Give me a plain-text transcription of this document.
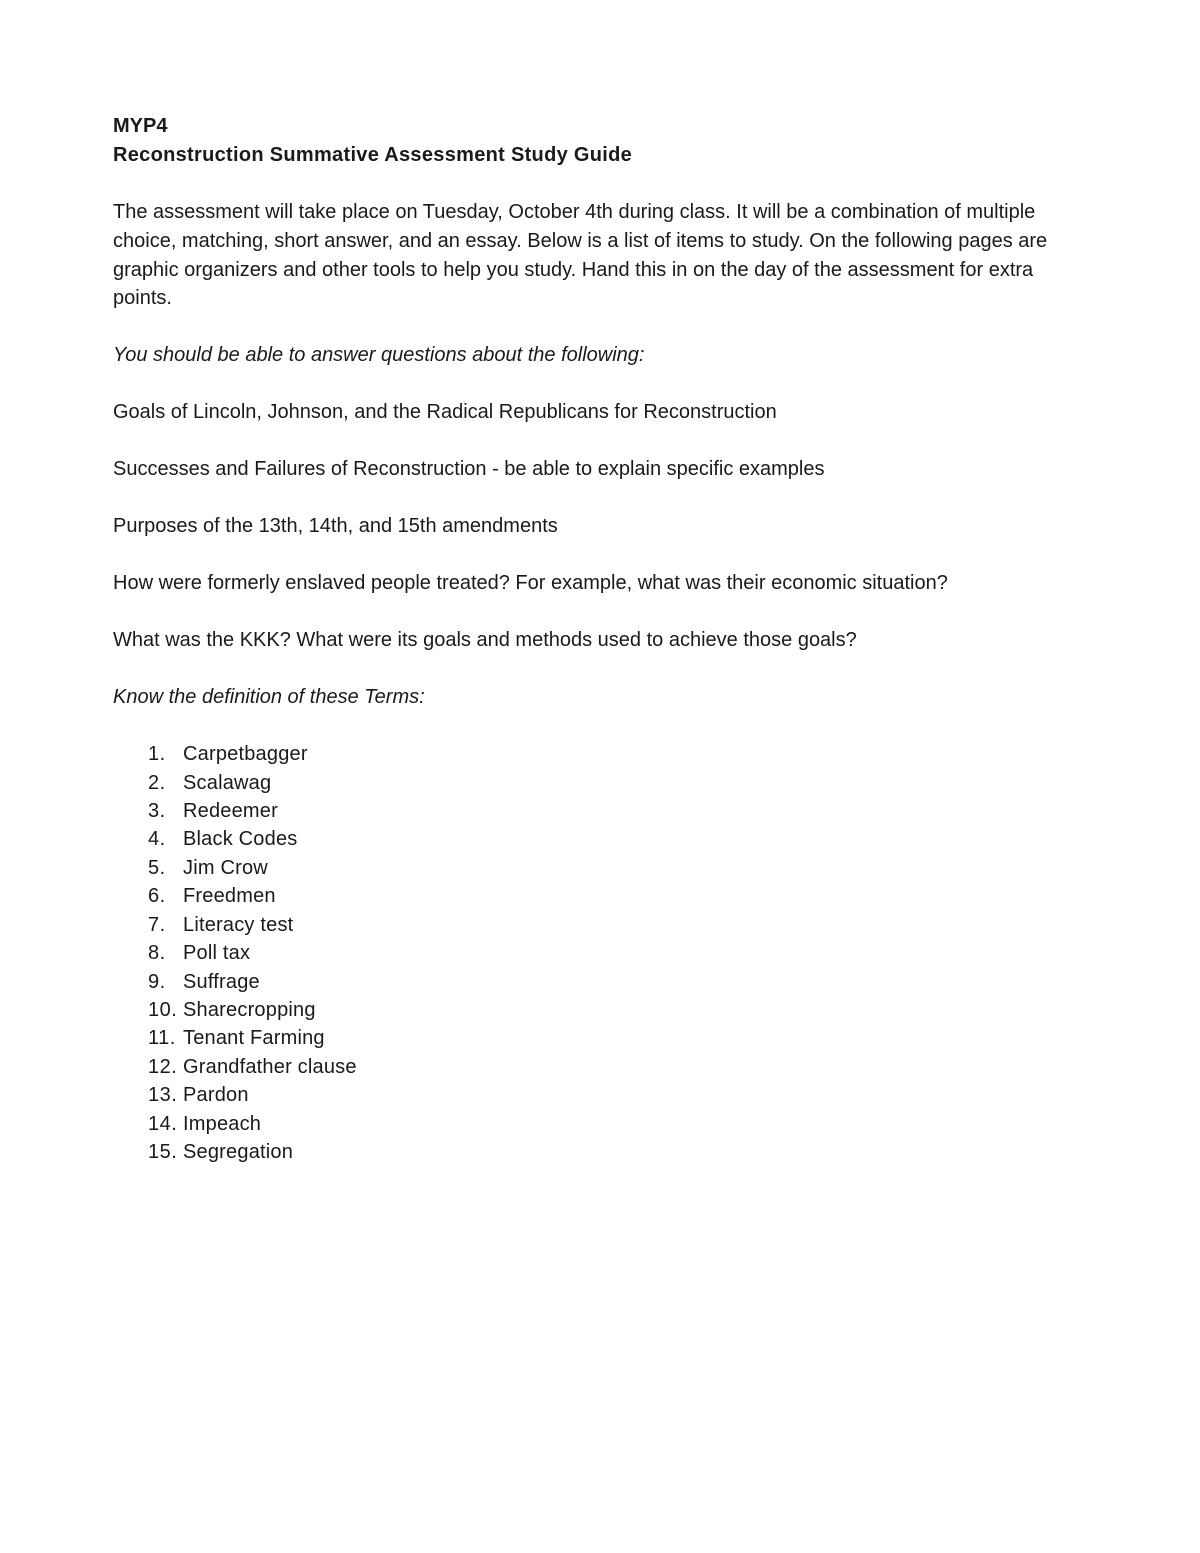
MYP4

Reconstruction Summative Assessment Study Guide

The assessment will take place on Tuesday, October 4th during class. It will be a combination of multiple choice, matching, short answer, and an essay. Below is a list of items to study. On the following pages are graphic organizers and other tools to help you study. Hand this in on the day of the assessment for extra points.

You should be able to answer questions about the following:

Goals of Lincoln, Johnson, and the Radical Republicans for Reconstruction

Successes and Failures of Reconstruction - be able to explain specific examples

Purposes of the 13th, 14th, and 15th amendments

How were formerly enslaved people treated? For example, what was their economic situation?

What was the KKK? What were its goals and methods used to achieve those goals?

Know the definition of these Terms:

1. Carpetbagger
2. Scalawag
3. Redeemer
4. Black Codes
5. Jim Crow
6. Freedmen
7. Literacy test
8. Poll tax
9. Suffrage
10. Sharecropping
11. Tenant Farming
12. Grandfather clause
13. Pardon
14. Impeach
15. Segregation
